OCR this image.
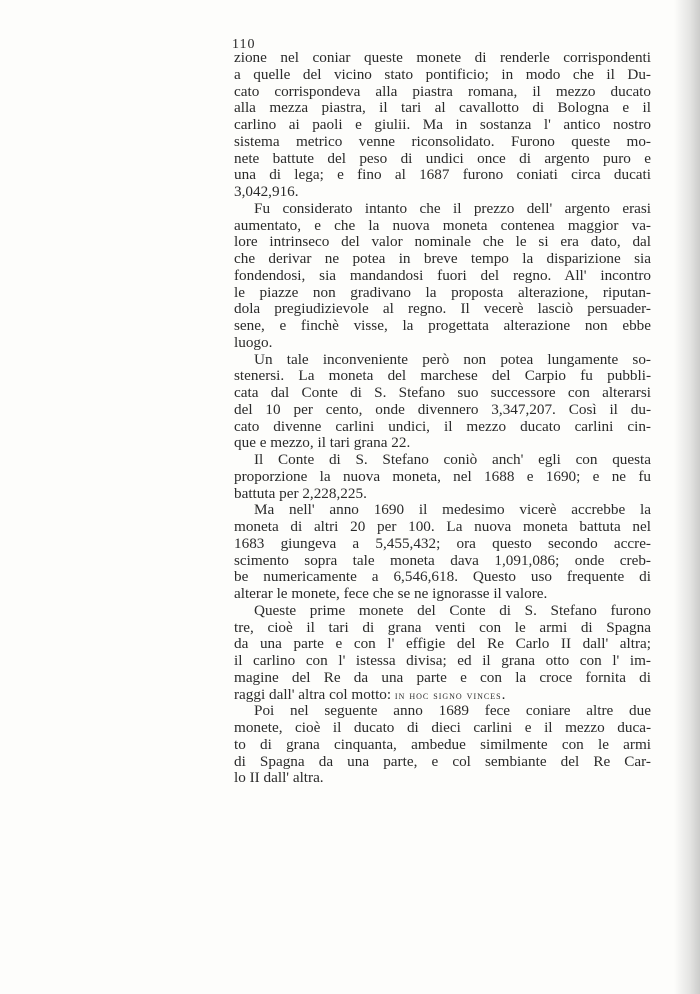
110
zione nel coniar queste monete di renderle corrispondenti
a quelle del vicino stato pontificio; in modo che il Du-
cato corrispondeva alla piastra romana, il mezzo ducato
alla mezza piastra, il tari al cavallotto di Bologna e il
carlino ai paoli e giulii. Ma in sostanza l' antico nostro
sistema metrico venne riconsolidato. Furono queste mo-
nete battute del peso di undici once di argento puro e
una di lega; e fino al 1687 furono coniati circa ducati
3,042,916.
Fu considerato intanto che il prezzo dell' argento erasi
aumentato, e che la nuova moneta contenea maggior va-
lore intrinseco del valor nominale che le si era dato, dal
che derivar ne potea in breve tempo la disparizione sia
fondendosi, sia mandandosi fuori del regno. All' incontro
le piazze non gradivano la proposta alterazione, riputan-
dola pregiudizievole al regno. Il vecerè lasciò persuader-
sene, e finchè visse, la progettata alterazione non ebbe
luogo.
Un tale inconveniente però non potea lungamente so-
stenersi. La moneta del marchese del Carpio fu pubbli-
cata dal Conte di S. Stefano suo successore con alterarsi
del 10 per cento, onde divennero 3,347,207. Così il du-
cato divenne carlini undici, il mezzo ducato carlini cin-
que e mezzo, il tari grana 22.
Il Conte di S. Stefano coniò anch' egli con questa
proporzione la nuova moneta, nel 1688 e 1690; e ne fu
battuta per 2,228,225.
Ma nell' anno 1690 il medesimo vicerè accrebbe la
moneta di altri 20 per 100. La nuova moneta battuta nel
1683 giungeva a 5,455,432; ora questo secondo accre-
scimento sopra tale moneta dava 1,091,086; onde creb-
be numericamente a 6,546,618. Questo uso frequente di
alterar le monete, fece che se ne ignorasse il valore.
Queste prime monete del Conte di S. Stefano furono
tre, cioè il tari di grana venti con le armi di Spagna
da una parte e con l' effigie del Re Carlo II dall' altra;
il carlino con l' istessa divisa; ed il grana otto con l' im-
magine del Re da una parte e con la croce fornita di
raggi dall' altra col motto: in hoc signo vinces.
Poi nel seguente anno 1689 fece coniare altre due
monete, cioè il ducato di dieci carlini e il mezzo duca-
to di grana cinquanta, ambedue similmente con le armi
di Spagna da una parte, e col sembiante del Re Car-
lo II dall' altra.
